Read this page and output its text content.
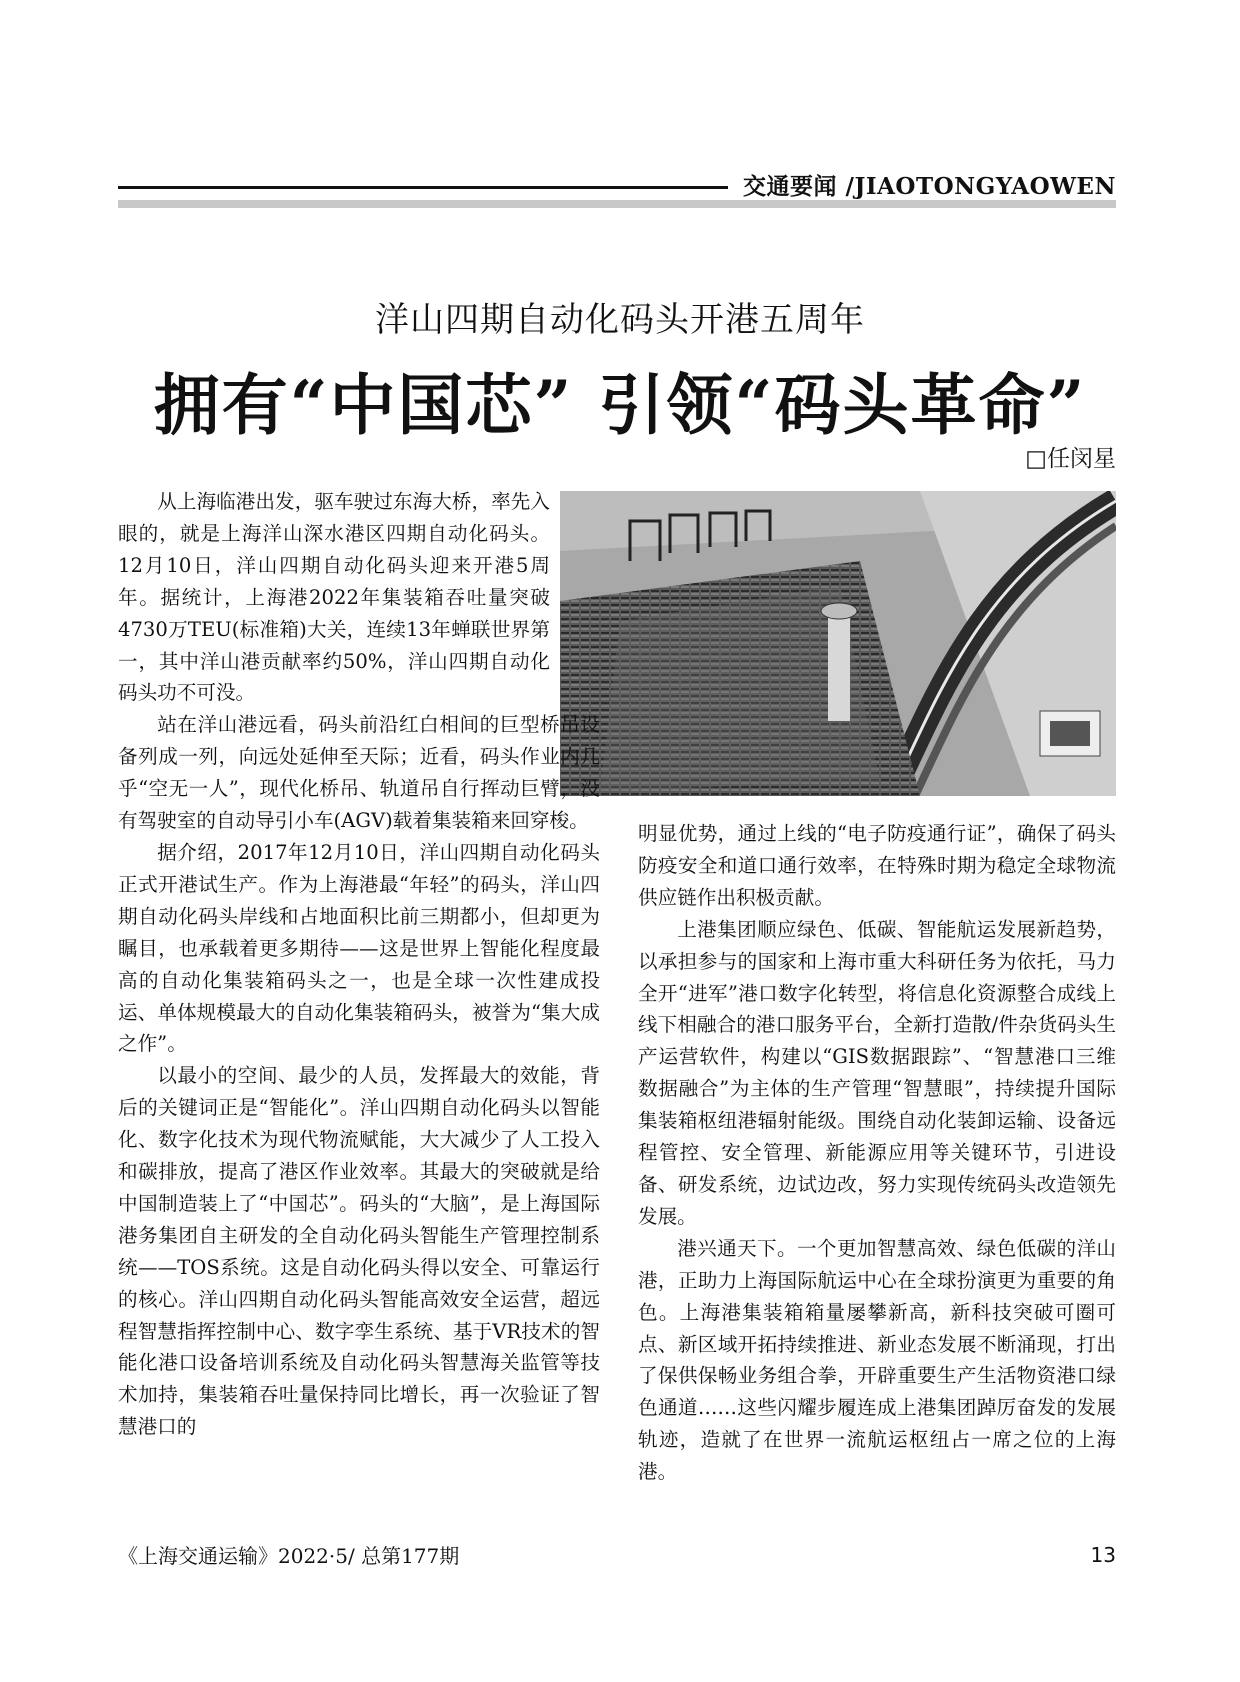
交通要闻 /JIAOTONGYAOWEN
洋山四期自动化码头开港五周年
拥有“中国芯” 引领“码头革命”
□任闵星

从上海临港出发，驱车驶过东海大桥，率先入眼的，就是上海洋山深水港区四期自动化码头。12月10日，洋山四期自动化码头迎来开港5周年。据统计，上海港2022年集装箱吞吐量突破4730万TEU(标准箱)大关，连续13年蝉联世界第一，其中洋山港贡献率约50%，洋山四期自动化码头功不可没。

站在洋山港远看，码头前沿红白相间的巨型桥吊设备列成一列，向远处延伸至天际；近看，码头作业内几乎“空无一人”，现代化桥吊、轨道吊自行挥动巨臂，没有驾驶室的自动导引小车(AGV)载着集装箱来回穿梭。

据介绍，2017年12月10日，洋山四期自动化码头正式开港试生产。作为上海港最“年轻”的码头，洋山四期自动化码头岸线和占地面积比前三期都小，但却更为瞩目，也承载着更多期待——这是世界上智能化程度最高的自动化集装箱码头之一，也是全球一次性建成投运、单体规模最大的自动化集装箱码头，被誉为“集大成之作”。

以最小的空间、最少的人员，发挥最大的效能，背后的关键词正是“智能化”。洋山四期自动化码头以智能化、数字化技术为现代物流赋能，大大减少了人工投入和碳排放，提高了港区作业效率。其最大的突破就是给中国制造装上了“中国芯”。码头的“大脑”，是上海国际港务集团自主研发的全自动化码头智能生产管理控制系统——TOS系统。这是自动化码头得以安全、可靠运行的核心。洋山四期自动化码头智能高效安全运营，超远程智慧指挥控制中心、数字孪生系统、基于VR技术的智能化港口设备培训系统及自动化码头智慧海关监管等技术加持，集装箱吞吐量保持同比增长，再一次验证了智慧港口的

明显优势，通过上线的“电子防疫通行证”，确保了码头防疫安全和道口通行效率，在特殊时期为稳定全球物流供应链作出积极贡献。

上港集团顺应绿色、低碳、智能航运发展新趋势，以承担参与的国家和上海市重大科研任务为依托，马力全开“进军”港口数字化转型，将信息化资源整合成线上线下相融合的港口服务平台，全新打造散/件杂货码头生产运营软件，构建以“GIS数据跟踪”、“智慧港口三维数据融合”为主体的生产管理“智慧眼”，持续提升国际集装箱枢纽港辐射能级。围绕自动化装卸运输、设备远程管控、安全管理、新能源应用等关键环节，引进设备、研发系统，边试边改，努力实现传统码头改造领先发展。

港兴通天下。一个更加智慧高效、绿色低碳的洋山港，正助力上海国际航运中心在全球扮演更为重要的角色。上海港集装箱箱量屡攀新高，新科技突破可圈可点、新区域开拓持续推进、新业态发展不断涌现，打出了保供保畅业务组合拳，开辟重要生产生活物资港口绿色通道……这些闪耀步履连成上港集团踔厉奋发的发展轨迹，造就了在世界一流航运枢纽占一席之位的上海港。

《上海交通运输》2022·5/ 总第177期	13
